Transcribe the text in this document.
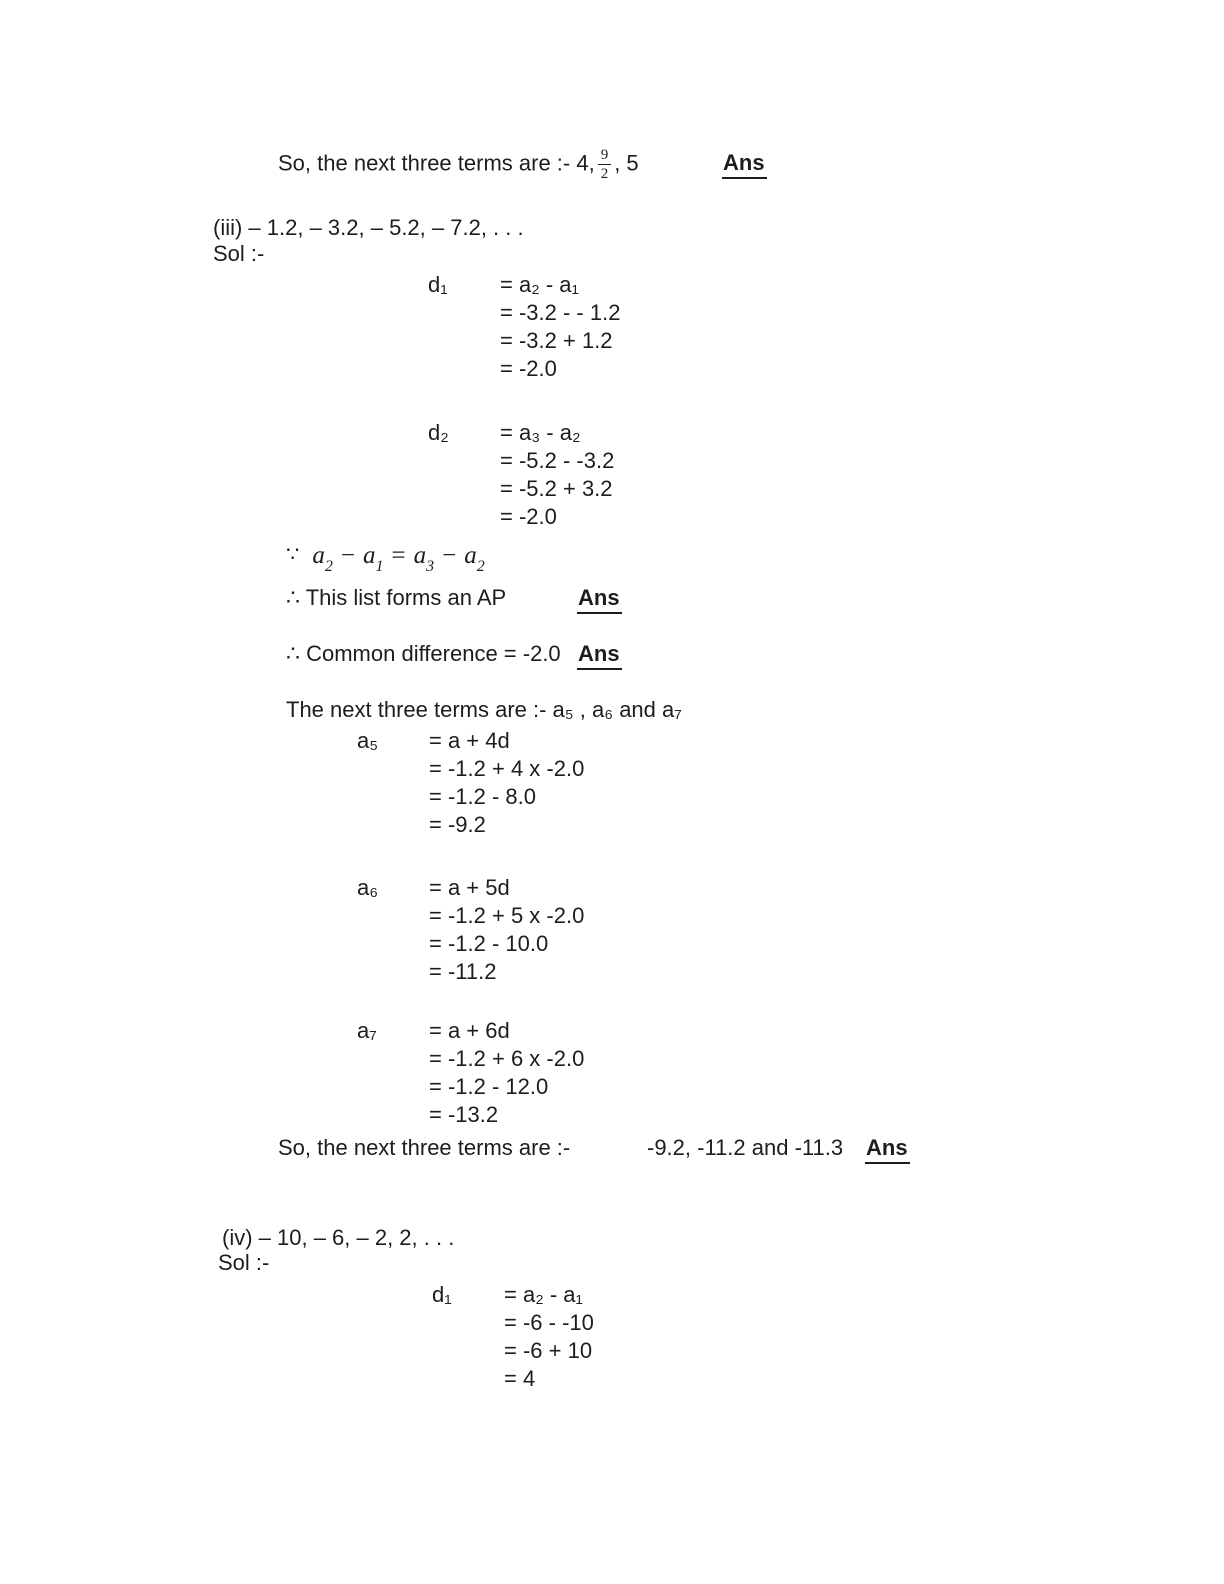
So, the next three terms are :- 4, $\frac{9}{2}$ , 5	Ans
(iii) – 1.2, – 3.2, – 5.2, – 7.2, . . .
Sol :-
d₁	= a₂ - a₁
= -3.2 - - 1.2
= -3.2 + 1.2
= -2.0
d₂	= a₃ - a₂
= -5.2 - -3.2
= -5.2 + 3.2
= -2.0
∵ $a_2 - a_1 = a_3 - a_2$
∴ This list forms an AP	Ans
∴ Common difference = -2.0 Ans
The next three terms are :- a₅ , a₆ and a₇
a₅	= a + 4d
= -1.2 + 4 x -2.0
= -1.2 - 8.0
= -9.2
a₆	= a + 5d
= -1.2 + 5 x -2.0
= -1.2 - 10.0
= -11.2
a₇	= a + 6d
= -1.2 + 6 x -2.0
= -1.2 - 12.0
= -13.2
So, the next three terms are :-	-9.2, -11.2 and -11.3 Ans
(iv) – 10, – 6, – 2, 2, . . .
Sol :-
d₁	= a₂ - a₁
= -6 - -10
= -6 + 10
= 4
